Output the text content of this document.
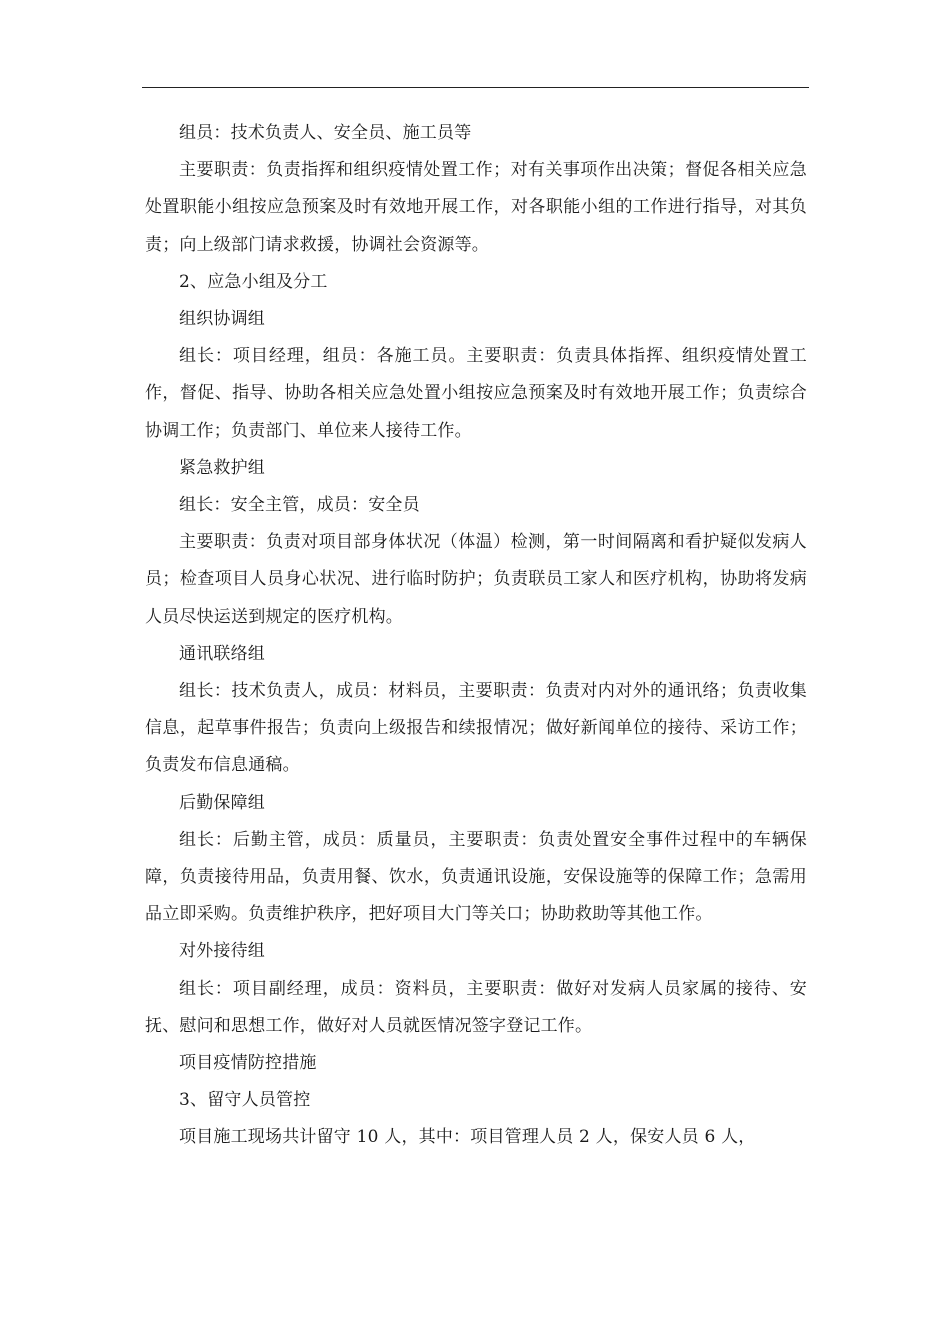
组员：技术负责人、安全员、施工员等

主要职责：负责指挥和组织疫情处置工作；对有关事项作出决策；督促各相关应急处置职能小组按应急预案及时有效地开展工作，对各职能小组的工作进行指导，对其负责；向上级部门请求救援，协调社会资源等。

2、应急小组及分工

组织协调组

组长：项目经理，组员：各施工员。主要职责：负责具体指挥、组织疫情处置工作，督促、指导、协助各相关应急处置小组按应急预案及时有效地开展工作；负责综合协调工作；负责部门、单位来人接待工作。

紧急救护组

组长：安全主管，成员：安全员

主要职责：负责对项目部身体状况（体温）检测，第一时间隔离和看护疑似发病人员；检查项目人员身心状况、进行临时防护；负责联员工家人和医疗机构，协助将发病人员尽快运送到规定的医疗机构。

通讯联络组

组长：技术负责人，成员：材料员，主要职责：负责对内对外的通讯络；负责收集信息，起草事件报告；负责向上级报告和续报情况；做好新闻单位的接待、采访工作；负责发布信息通稿。

后勤保障组

组长：后勤主管，成员：质量员，主要职责：负责处置安全事件过程中的车辆保障，负责接待用品，负责用餐、饮水，负责通讯设施，安保设施等的保障工作；急需用品立即采购。负责维护秩序，把好项目大门等关口；协助救助等其他工作。

对外接待组

组长：项目副经理，成员：资料员，主要职责：做好对发病人员家属的接待、安抚、慰问和思想工作，做好对人员就医情况签字登记工作。

项目疫情防控措施

3、留守人员管控

项目施工现场共计留守 10 人，其中：项目管理人员 2 人，保安人员 6 人，
